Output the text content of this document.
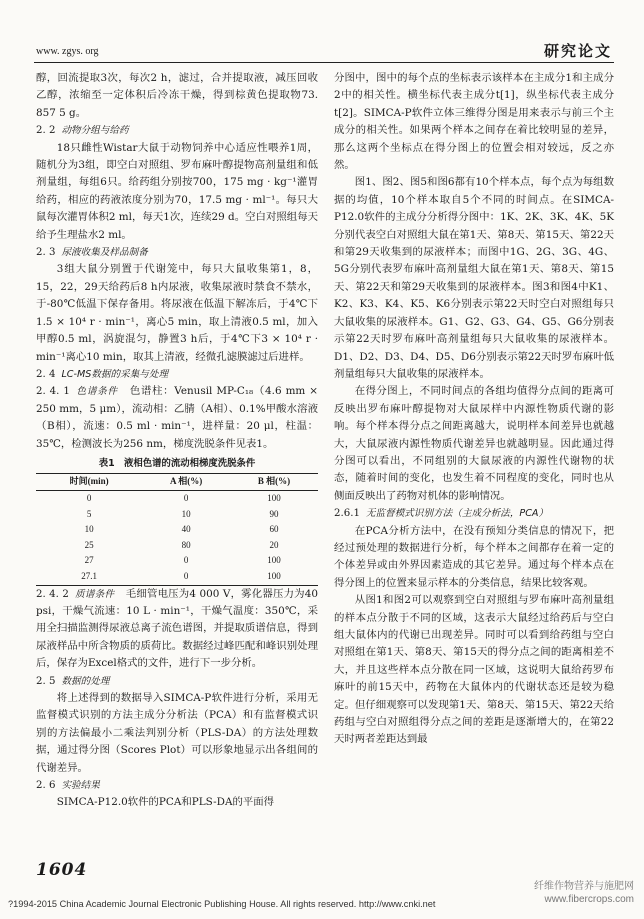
www. zgys. org	研究论文

醇，回流提取3次，每次2 h，滤过，合并提取液，减压回收乙醇，浓缩至一定体积后冷冻干燥，得到棕黄色提取物73. 857 5 g。

2. 2 动物分组与给药

18只雌性Wistar大鼠于动物饲养中心适应性喂养1周，随机分为3组，即空白对照组、罗布麻叶醇提物高剂量组和低剂量组，每组6只。给药组分别按700，175 mg · kg⁻¹灌胃给药，相应的药液浓度分别为70，17.5 mg · ml⁻¹。每只大鼠每次灌胃体积2 ml，每天1次，连续29 d。空白对照组每天给予生理盐水2 ml。

2. 3 尿液收集及样品制备

3组大鼠分别置于代谢笼中，每只大鼠收集第1，8，15，22，29天给药后8 h内尿液，收集尿液时禁食不禁水，于-80℃低温下保存备用。将尿液在低温下解冻后，于4℃下1.5 × 10⁴ r · min⁻¹，离心5 min，取上清液0.5 ml，加入甲醇0.5 ml，涡旋混匀，静置3 h后，于4℃下3 × 10⁴ r · min⁻¹离心10 min，取其上清液，经微孔滤膜滤过后进样。

2. 4 LC-MS数据的采集与处理
2. 4. 1 色谱条件 色谱柱：Venusil MP-C₁₈（4.6 mm × 250 mm，5 μm），流动相：乙腈（A相）、0.1%甲酸水溶液（B相），流速：0.5 ml · min⁻¹，进样量：20 μl，柱温：35℃，检测波长为256 nm，梯度洗脱条件见表1。
表1　液相色谱的流动相梯度洗脱条件
时间(min)	A 相(%)	B 相(%)
0	0	100
5	10	90
10	40	60
25	80	20
27	0	100
27.1	0	100
2. 4. 2 质谱条件 毛细管电压为4 000 V，雾化器压力为40 psi，干燥气流速：10 L · min⁻¹，干燥气温度：350℃，采用全扫描监测得尿液总离子流色谱图，并提取质谱信息，得到尿液样品中所含物质的质荷比。数据经过峰匹配和峰识别处理后，保存为Excel格式的文件，进行下一步分析。
2. 5 数据的处理

将上述得到的数据导入SIMCA-P软件进行分析，采用无监督模式识别的方法主成分分析法（PCA）和有监督模式识别的方法偏最小二乘法判别分析（PLS-DA）的方法处理数据，通过得分图（Scores Plot）可以形象地显示出各组间的代谢差异。

2. 6 实验结果

SIMCA-P12.0软件的PCA和PLS-DA的平面得

分图中，图中的每个点的坐标表示该样本在主成分1和主成分2中的相关性。横坐标代表主成分t[1]，纵坐标代表主成分t[2]。SIMCA-P软件立体三维得分图是用来表示与前三个主成分的相关性。如果两个样本之间存在着比较明显的差异，那么这两个坐标点在得分图上的位置会相对较远，反之亦然。

图1、图2、图5和图6都有10个样本点，每个点为每组数据的均值，10个样本取自5个不同的时间点。在SIMCA-P12.0软件的主成分分析得分图中：1K、2K、3K、4K、5K分别代表空白对照组大鼠在第1天、第8天、第15天、第22天和第29天收集到的尿液样本；而图中1G、2G、3G、4G、5G分别代表罗布麻叶高剂量组大鼠在第1天、第8天、第15天、第22天和第29天收集到的尿液样本。图3和图4中K1、K2、K3、K4、K5、K6分别表示第22天时空白对照组每只大鼠收集的尿液样本。G1、G2、G3、G4、G5、G6分别表示第22天时罗布麻叶高剂量组每只大鼠收集的尿液样本。D1、D2、D3、D4、D5、D6分别表示第22天时罗布麻叶低剂量组每只大鼠收集的尿液样本。

在得分图上，不同时间点的各组均值得分点间的距离可反映出罗布麻叶醇提物对大鼠尿样中内源性物质代谢的影响。每个样本得分点之间距离越大，说明样本间差异也就越大，大鼠尿液内源性物质代谢差异也就越明显。因此通过得分图可以看出，不同组别的大鼠尿液的内源性代谢物的状态，随着时间的变化，也发生着不同程度的变化，同时也从侧面反映出了药物对机体的影响情况。

2.6.1 无监督模式识别方法（主成分析法，PCA）

在PCA分析方法中，在没有预知分类信息的情况下，把经过预处理的数据进行分析，每个样本之间都存在着一定的个体差异或由外界因素造成的其它差异。通过每个样本点在得分图上的位置来显示样本的分类信息，结果比较客观。

从图1和图2可以观察到空白对照组与罗布麻叶高剂量组的样本点分散于不同的区域，这表示大鼠经过给药后与空白组大鼠体内的代谢已出现差异。同时可以看到给药组与空白对照组在第1天、第8天、第15天的得分点之间的距离相差不大，并且这些样本点分散在同一区域，这说明大鼠给药罗布麻叶的前15天中，药物在大鼠体内的代谢状态还是较为稳定。但仔细观察可以发现第1天、第8天、第15天、第22天给药组与空白对照组得分点之间的差距是逐渐增大的，在第22天时两者差距达到最

1604
纤维作物营养与施肥网
www.fibercrops.com
?1994-2015 China Academic Journal Electronic Publishing House. All rights reserved. http://www.cnki.net
